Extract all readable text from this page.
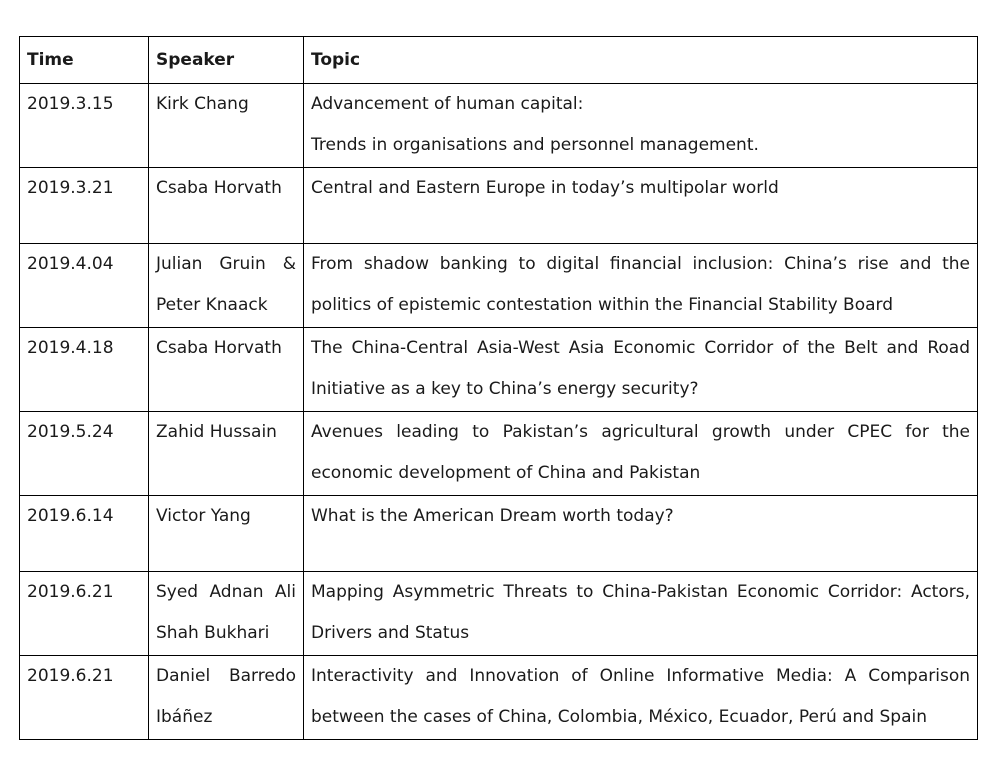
Time	Speaker	Topic
2019.3.15	Kirk Chang	Advancement of human capital:
Trends in organisations and personnel management.

2019.3.21	Csaba Horvath	Central and Eastern Europe in today’s multipolar world
2019.4.04	Julian Gruin & Peter Knaack	From shadow banking to digital financial inclusion: China’s rise and the politics of epistemic contestation within the Financial Stability Board
2019.4.18	Csaba Horvath	The China-Central Asia-West Asia Economic Corridor of the Belt and Road Initiative as a key to China’s energy security?
2019.5.24	Zahid Hussain	Avenues leading to Pakistan’s agricultural growth under CPEC for the economic development of China and Pakistan
2019.6.14	Victor Yang	What is the American Dream worth today?
2019.6.21	Syed Adnan Ali Shah Bukhari	Mapping Asymmetric Threats to China-Pakistan Economic Corridor: Actors, Drivers and Status
2019.6.21	Daniel Barredo Ibáñez	Interactivity and Innovation of Online Informative Media: A Comparison between the cases of China, Colombia, México, Ecuador, Perú and Spain
